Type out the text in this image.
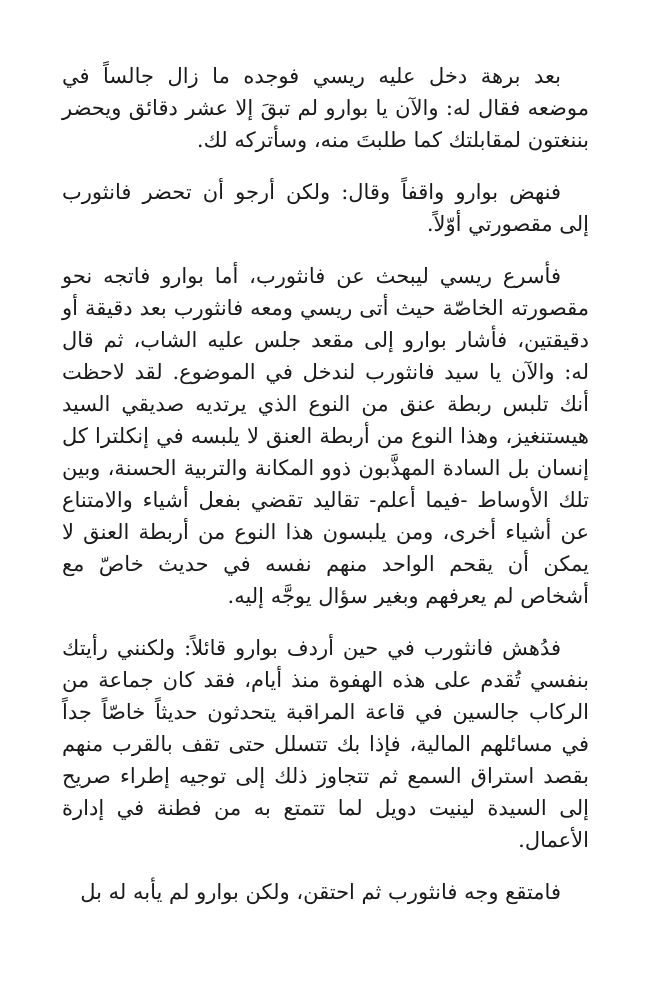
بعد برهة دخل عليه ريسي فوجده ما زال جالساً في موضعه فقال له: والآن يا بوارو لم تبقَ إلا عشر دقائق ويحضر بننغتون لمقابلتك كما طلبتَ منه، وسأتركه لك.

فنهض بوارو واقفاً وقال: ولكن أرجو أن تحضر فانثورب إلى مقصورتي أوّلاً.

فأسرع ريسي ليبحث عن فانثورب، أما بوارو فاتجه نحو مقصورته الخاصّة حيث أتى ريسي ومعه فانثورب بعد دقيقة أو دقيقتين، فأشار بوارو إلى مقعد جلس عليه الشاب، ثم قال له: والآن يا سيد فانثورب لندخل في الموضوع. لقد لاحظت أنك تلبس ربطة عنق من النوع الذي يرتديه صديقي السيد هيستنغيز، وهذا النوع من أربطة العنق لا يلبسه في إنكلترا كل إنسان بل السادة المهذَّبون ذوو المكانة والتربية الحسنة، وبين تلك الأوساط -فيما أعلم- تقاليد تقضي بفعل أشياء والامتناع عن أشياء أخرى، ومن يلبسون هذا النوع من أربطة العنق لا يمكن أن يقحم الواحد منهم نفسه في حديث خاصّ مع أشخاص لم يعرفهم وبغير سؤال يوجَّه إليه.

فدُهش فانثورب في حين أردف بوارو قائلاً: ولكنني رأيتك بنفسي تُقدم على هذه الهفوة منذ أيام، فقد كان جماعة من الركاب جالسين في قاعة المراقبة يتحدثون حديثاً خاصّاً جداً في مسائلهم المالية، فإذا بك تتسلل حتى تقف بالقرب منهم بقصد استراق السمع ثم تتجاوز ذلك إلى توجيه إطراء صريح إلى السيدة لينيت دويل لما تتمتع به من فطنة في إدارة الأعمال.

فامتقع وجه فانثورب ثم احتقن، ولكن بوارو لم يأبه له بل
